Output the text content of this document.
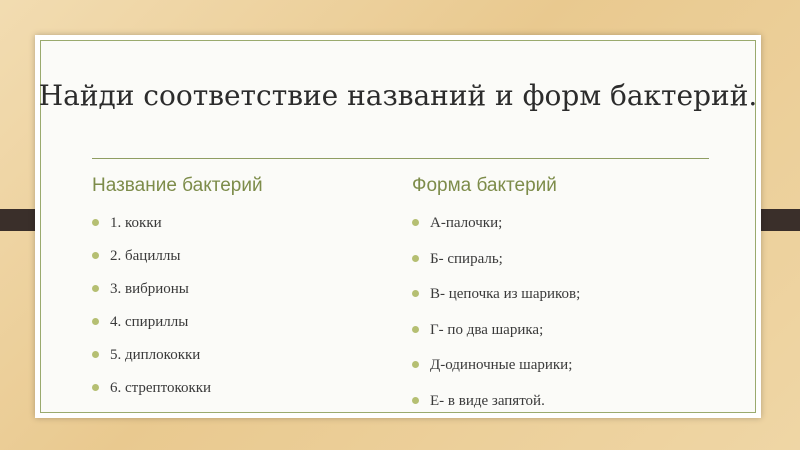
Найди соответствие названий и форм бактерий.
Название бактерий	Форма бактерий
1. кокки
2. бациллы
3. вибрионы
4. спириллы
5. диплококки
6. стрептококки
А-палочки;
Б- спираль;
В- цепочка из шариков;
Г- по два шарика;
Д-одиночные шарики;
Е- в виде запятой.
